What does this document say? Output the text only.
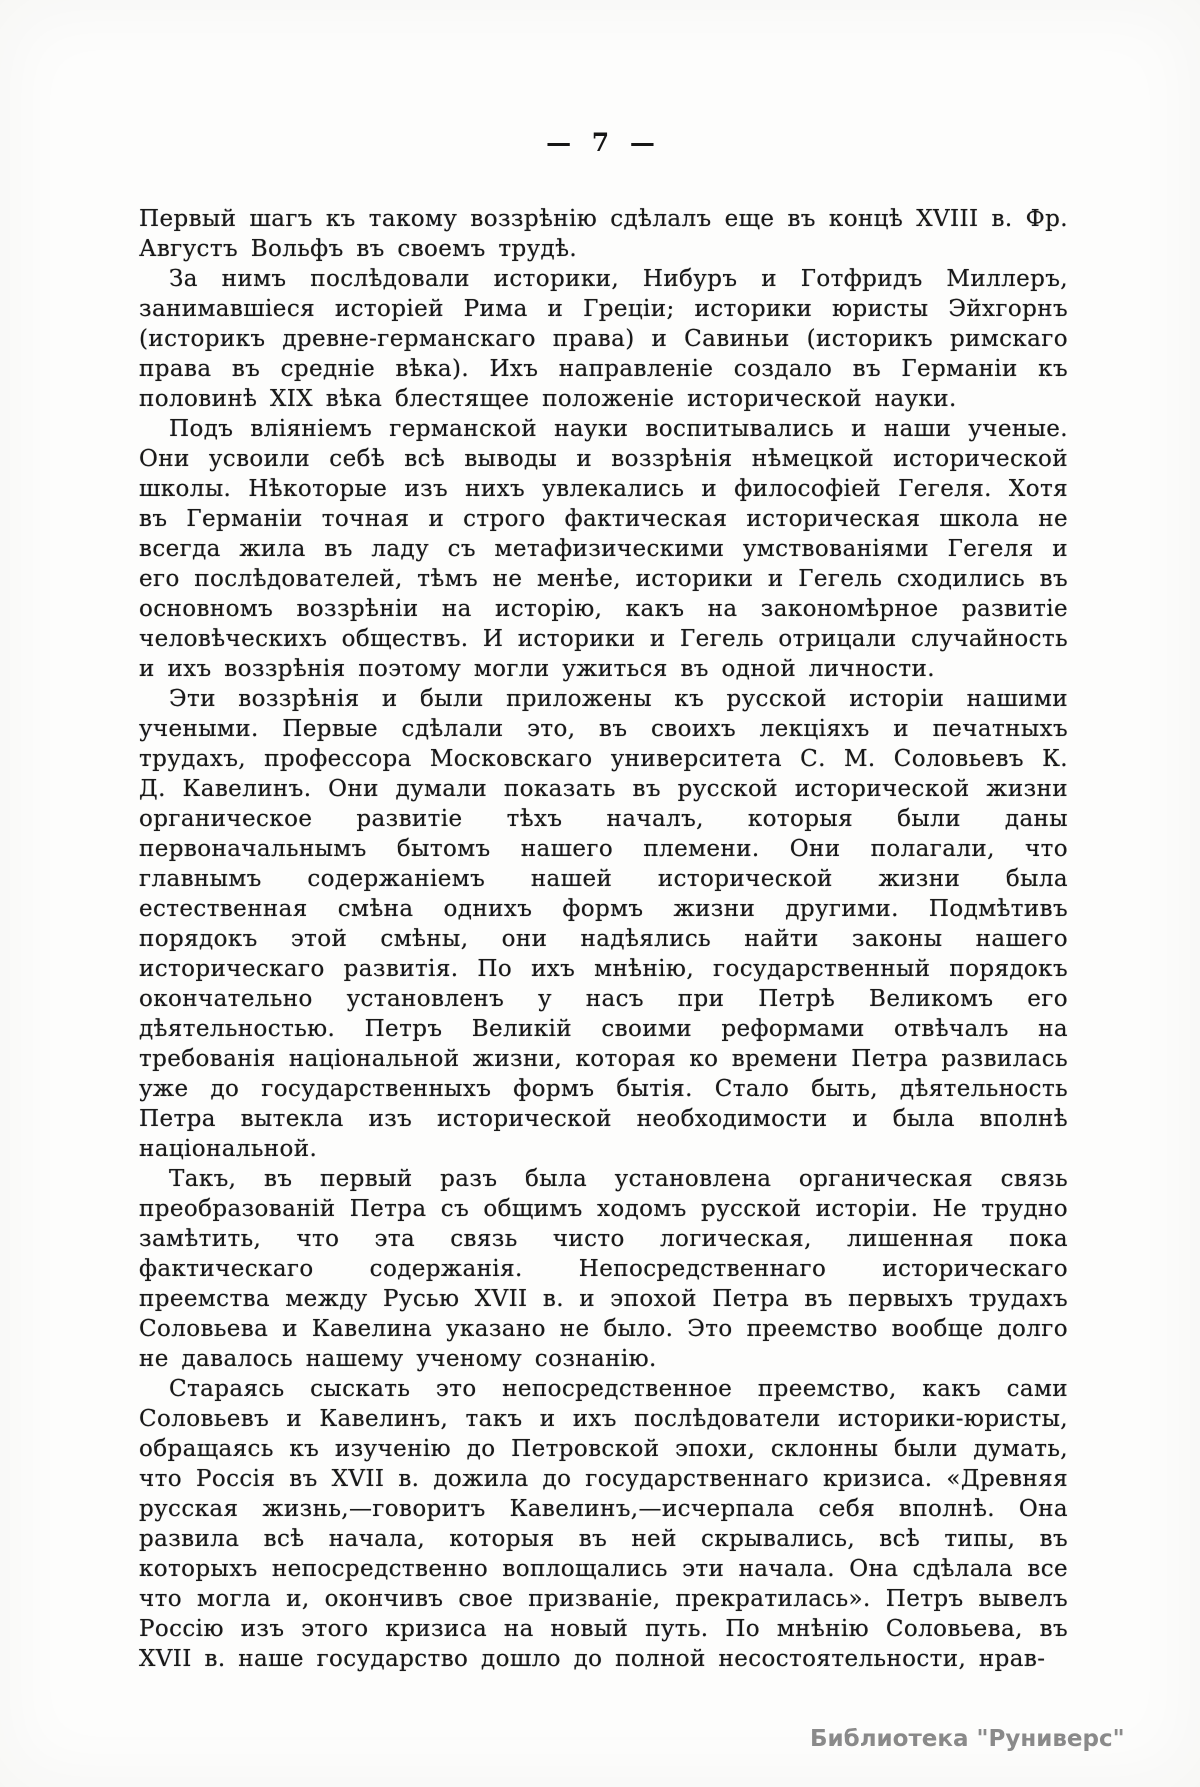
— 7 —

Первый шагъ къ такому воззрѣнію сдѣлалъ еще въ концѣ XVIII в. Фр. Августъ Вольфъ въ своемъ трудѣ.

За нимъ послѣдовали историки, Нибуръ и Готфридъ Миллеръ, занимавшіеся исторіей Рима и Греціи; историки юристы Эйхгорнъ (историкъ древне-германскаго права) и Савиньи (историкъ римскаго права въ средніе вѣка). Ихъ направленіе создало въ Германіи къ половинѣ XIX вѣка блестящее положеніе исторической науки.

Подъ вліяніемъ германской науки воспитывались и наши ученые. Они усвоили себѣ всѣ выводы и воззрѣнія нѣмецкой исторической школы. Нѣкоторые изъ нихъ увлекались и философіей Гегеля. Хотя въ Германіи точная и строго фактическая историческая школа не всегда жила въ ладу съ метафизическими умствованіями Гегеля и его послѣдователей, тѣмъ не менѣе, историки и Гегель сходились въ основномъ воззрѣніи на исторію, какъ на закономѣрное развитіе человѣческихъ обществъ. И историки и Гегель отрицали случайность и ихъ воззрѣнія поэтому могли ужиться въ одной личности.

Эти воззрѣнія и были приложены къ русской исторіи нашими учеными. Первые сдѣлали это, въ своихъ лекціяхъ и печатныхъ трудахъ, профессора Московскаго университета С. М. Соловьевъ К. Д. Кавелинъ. Они думали показать въ русской исторической жизни органическое развитіе тѣхъ началъ, которыя были даны первоначальнымъ бытомъ нашего племени. Они полагали, что главнымъ содержаніемъ нашей исторической жизни была естественная смѣна однихъ формъ жизни другими. Подмѣтивъ порядокъ этой смѣны, они надѣялись найти законы нашего историческаго развитія. По ихъ мнѣнію, государственный порядокъ окончательно установленъ у насъ при Петрѣ Великомъ его дѣятельностью. Петръ Великій своими реформами отвѣчалъ на требованія національной жизни, которая ко времени Петра развилась уже до государственныхъ формъ бытія. Стало быть, дѣятельность Петра вытекла изъ исторической необходимости и была вполнѣ національной.

Такъ, въ первый разъ была установлена органическая связь преобразованій Петра съ общимъ ходомъ русской исторіи. Не трудно замѣтить, что эта связь чисто логическая, лишенная пока фактическаго содержанія. Непосредственнаго историческаго преемства между Русью XVII в. и эпохой Петра въ первыхъ трудахъ Соловьева и Кавелина указано не было. Это преемство вообще долго не давалось нашему ученому сознанію.

Стараясь сыскать это непосредственное преемство, какъ сами Соловьевъ и Кавелинъ, такъ и ихъ послѣдователи историки-юристы, обращаясь къ изученію до Петровской эпохи, склонны были думать, что Россія въ XVII в. дожила до государственнаго кризиса. «Древняя русская жизнь,—говоритъ Кавелинъ,—исчерпала себя вполнѣ. Она развила всѣ начала, которыя въ ней скрывались, всѣ типы, въ которыхъ непосредственно воплощались эти начала. Она сдѣлала все что могла и, окончивъ свое призваніе, прекратилась». Петръ вывелъ Россію изъ этого кризиса на новый путь. По мнѣнію Соловьева, въ XVII в. наше государство дошло до полной несостоятельности, нрав-

Библиотека "Руниверс"
